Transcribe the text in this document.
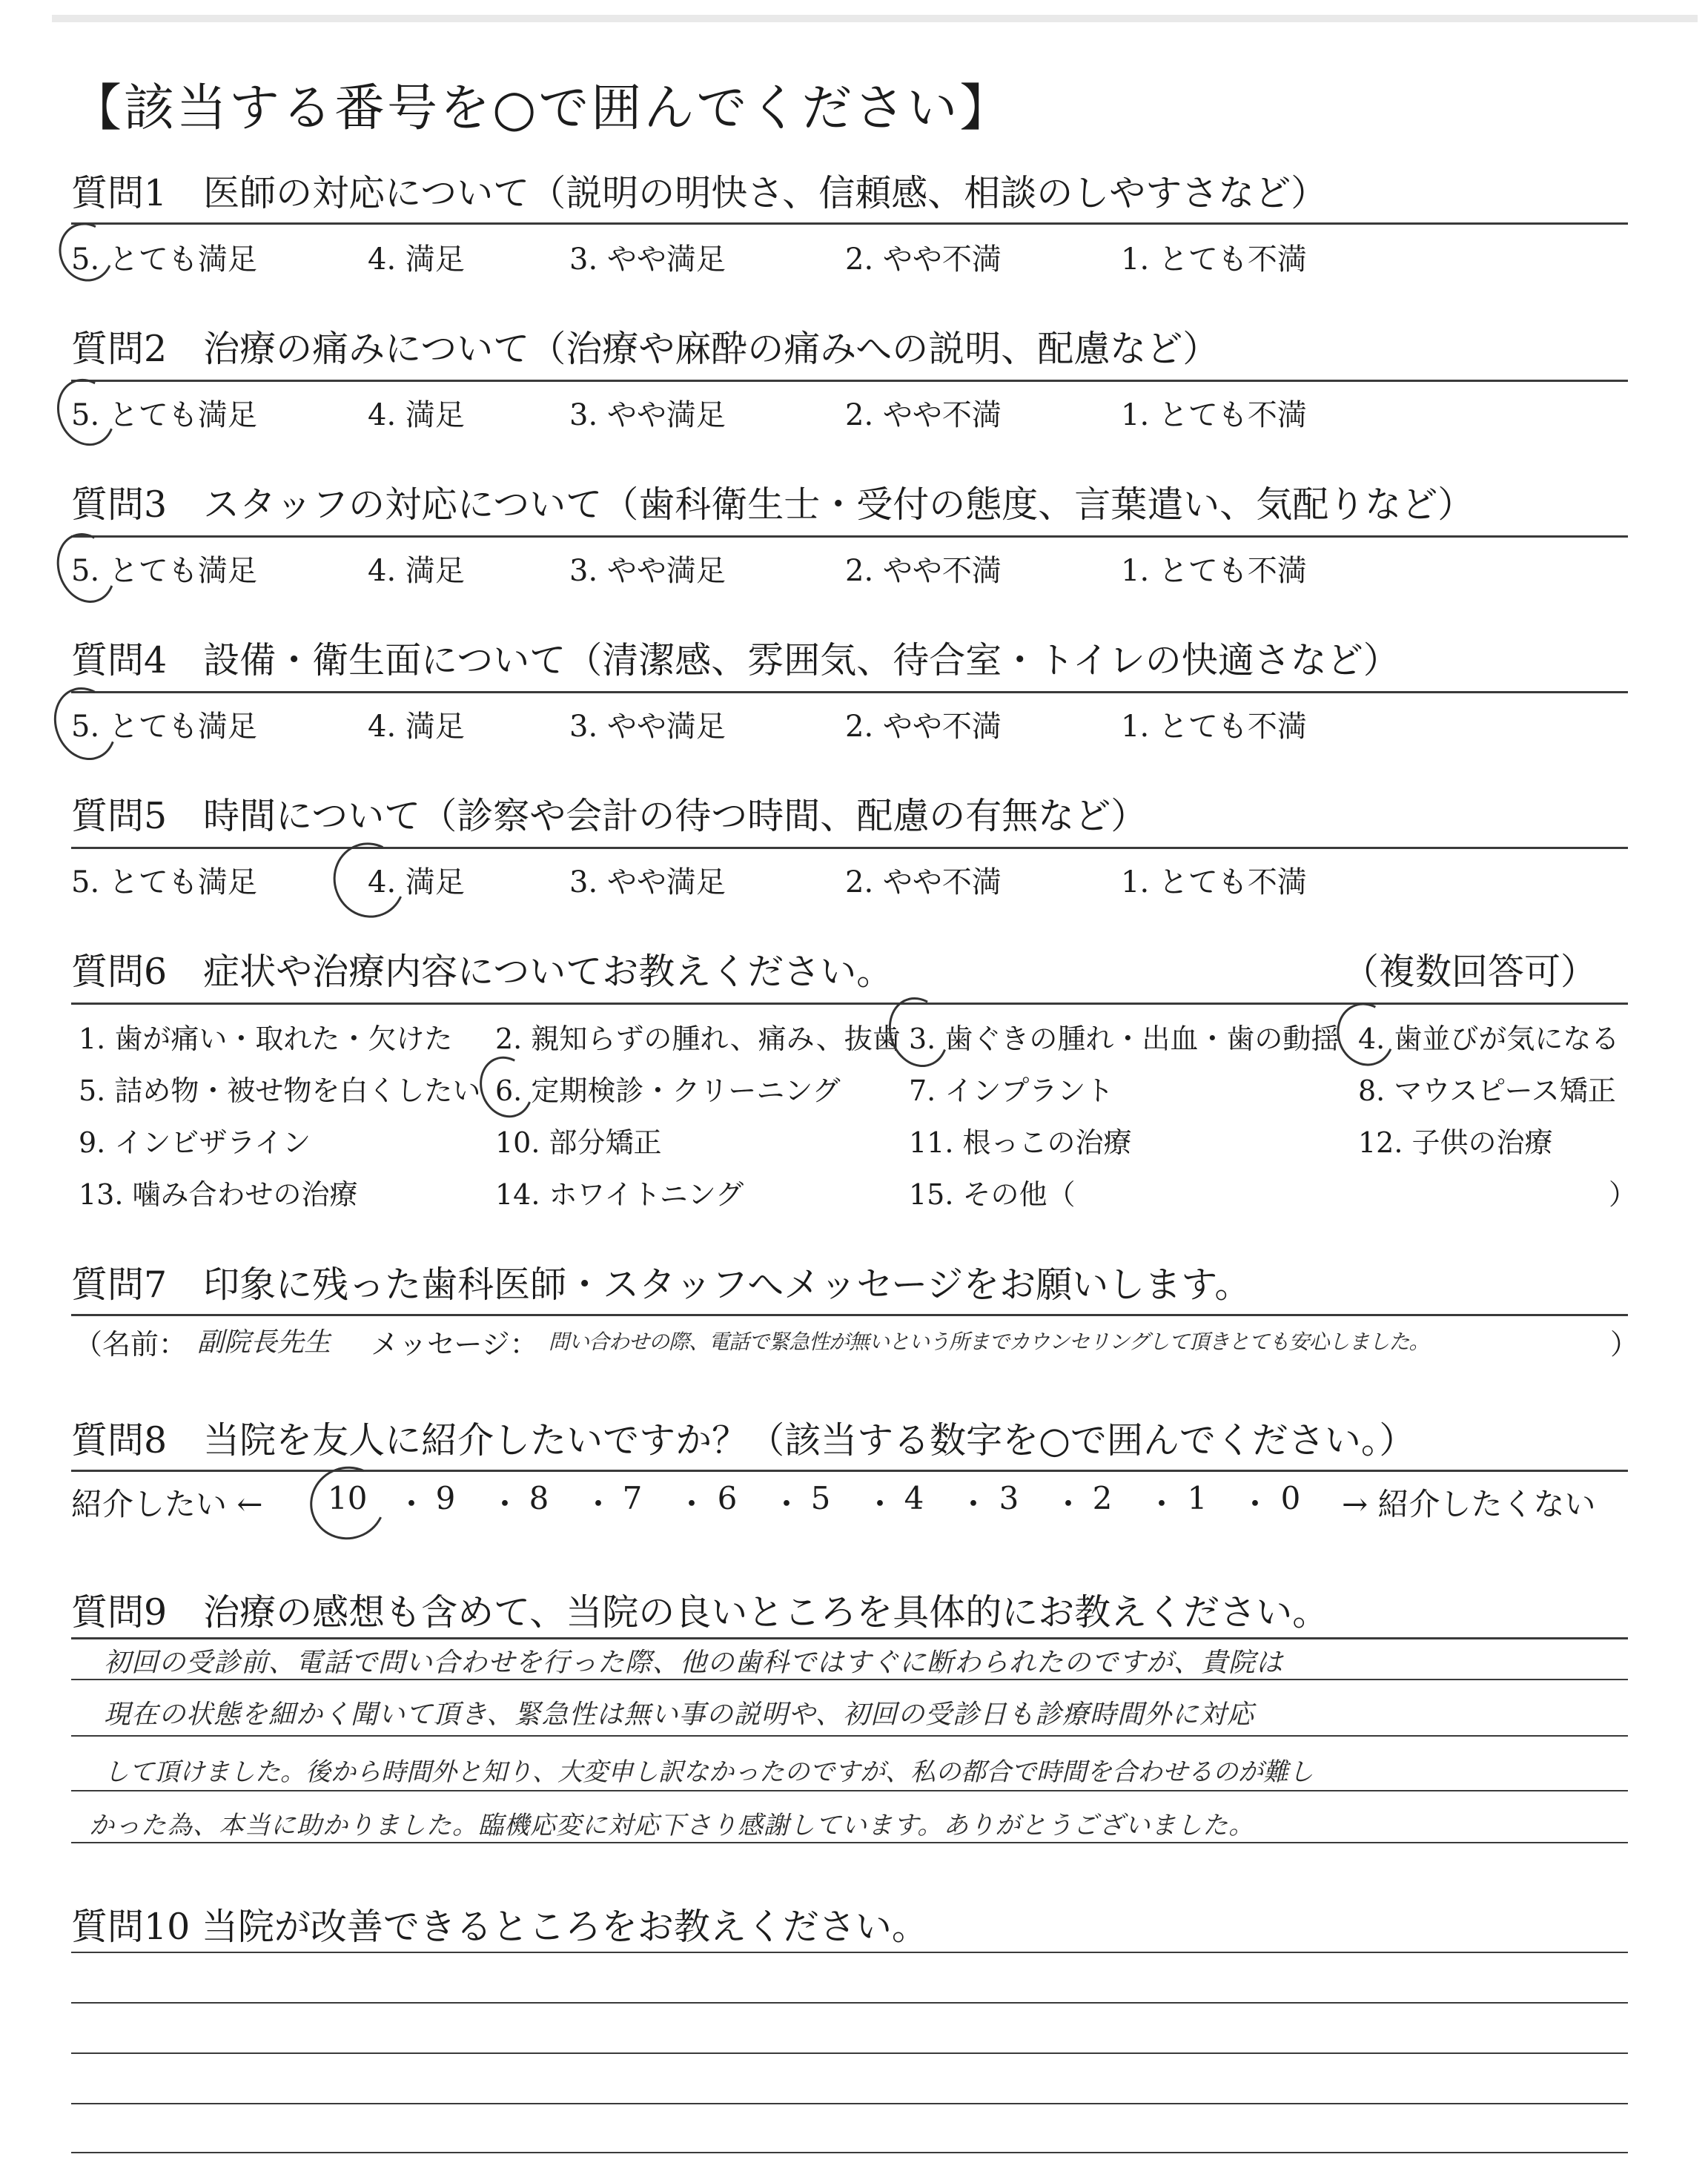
【該当する番号を○で囲んでください】
質問1　医師の対応について（説明の明快さ、信頼感、相談のしやすさなど）
5. とても満足	4. 満足	3. やや満足	2. やや不満	1. とても不満
質問2　治療の痛みについて（治療や麻酔の痛みへの説明、配慮など）
5. とても満足	4. 満足	3. やや満足	2. やや不満	1. とても不満
質問3　スタッフの対応について（歯科衛生士・受付の態度、言葉遣い、気配りなど）
5. とても満足	4. 満足	3. やや満足	2. やや不満	1. とても不満
質問4　設備・衛生面について（清潔感、雰囲気、待合室・トイレの快適さなど）
5. とても満足	4. 満足	3. やや満足	2. やや不満	1. とても不満
質問5　時間について（診察や会計の待つ時間、配慮の有無など）
5. とても満足	4. 満足	3. やや満足	2. やや不満	1. とても不満
質問6　症状や治療内容についてお教えください。	（複数回答可）
1. 歯が痛い・取れた・欠けた 2. 親知らずの腫れ、痛み、抜歯 3. 歯ぐきの腫れ・出血・歯の動揺 4. 歯並びが気になる
5. 詰め物・被せ物を白くしたい 6. 定期検診・クリーニング 7. インプラント	8. マウスピース矯正
9. インビザライン	10. 部分矯正	11. 根っこの治療	12. 子供の治療
13. 噛み合わせの治療	14. ホワイトニング	15. その他（	）
質問7　印象に残った歯科医師・スタッフへメッセージをお願いします。
（名前： 副院長先生 メッセージ： 問い合わせの際、電話で緊急性が無いという所までカウンセリングして頂きとても安心しました。	）
質問8　当院を友人に紹介したいですか？（該当する数字を○で囲んでください。）
紹介したい ← 10 ・ 9 ・ 8 ・ 7 ・ 6 ・ 5 ・ 4 ・ 3 ・ 2 ・ 1 ・ 0 → 紹介したくない
質問9　治療の感想も含めて、当院の良いところを具体的にお教えください。
初回の受診前、電話で問い合わせを行った際、他の歯科ではすぐに断わられたのですが、貴院は
現在の状態を細かく聞いて頂き、緊急性は無い事の説明や、初回の受診日も診療時間外に対応
して頂けました。後から時間外と知り、大変申し訳なかったのですが、私の都合で時間を合わせるのが難し
かった為、本当に助かりました。臨機応変に対応下さり感謝しています。ありがとうございました。
質問10 当院が改善できるところをお教えください。
